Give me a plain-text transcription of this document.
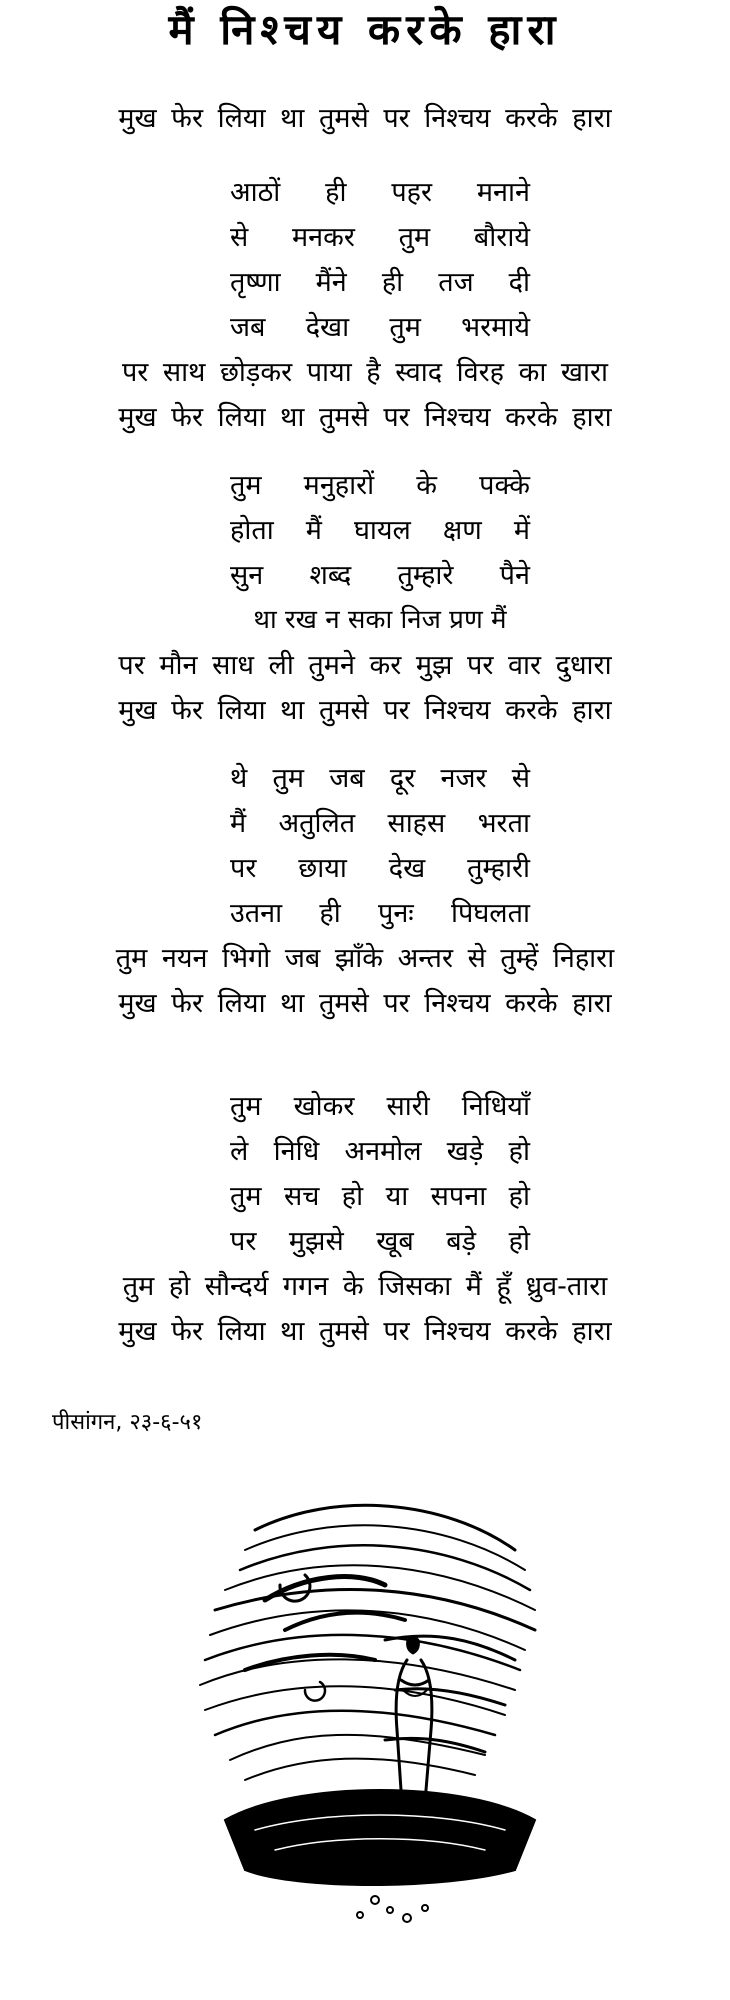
मैं निश्चय करके हारा
मुख फेर लिया था तुमसे पर निश्चय करके हारा
आठों ही पहर मनाने
से मनकर तुम बौराये
तृष्णा मैंने ही तज दी
जब देखा तुम भरमाये
पर साथ छोड़कर पाया है स्वाद विरह का खारा
मुख फेर लिया था तुमसे पर निश्चय करके हारा
तुम मनुहारों के पक्के
होता मैं घायल क्षण में
सुन शब्द तुम्हारे पैने
था रख न सका निज प्रण मैं
पर मौन साध ली तुमने कर मुझ पर वार दुधारा
मुख फेर लिया था तुमसे पर निश्चय करके हारा
थे तुम जब दूर नजर से
मैं अतुलित साहस भरता
पर छाया देख तुम्हारी
उतना ही पुनः पिघलता
तुम नयन भिगो जब झाँके अन्तर से तुम्हें निहारा
मुख फेर लिया था तुमसे पर निश्चय करके हारा
तुम खोकर सारी निधियाँ
ले निधि अनमोल खड़े हो
तुम सच हो या सपना हो
पर मुझसे खूब बड़े हो
तुम हो सौन्दर्य गगन के जिसका मैं हूँ ध्रुव-तारा
मुख फेर लिया था तुमसे पर निश्चय करके हारा
पीसांगन, २३-६-५१
